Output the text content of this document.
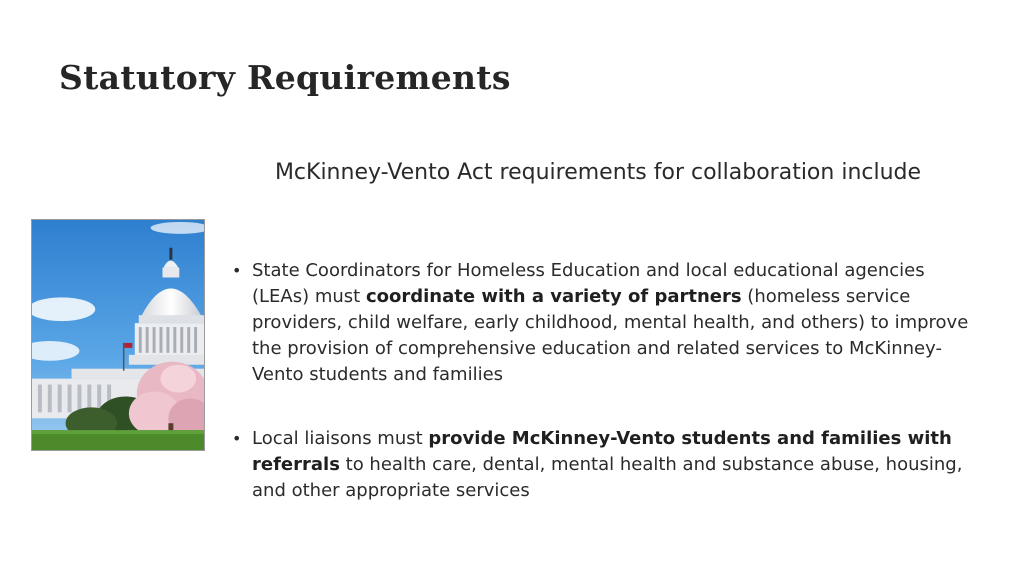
Statutory Requirements
McKinney-Vento Act requirements for collaboration include
• State Coordinators for Homeless Education and local educational agencies (LEAs) must coordinate with a variety of partners (homeless service providers, child welfare, early childhood, mental health, and others) to improve the provision of comprehensive education and related services to McKinney-Vento students and families
• Local liaisons must provide McKinney-Vento students and families with referrals to health care, dental, mental health and substance abuse, housing, and other appropriate services
